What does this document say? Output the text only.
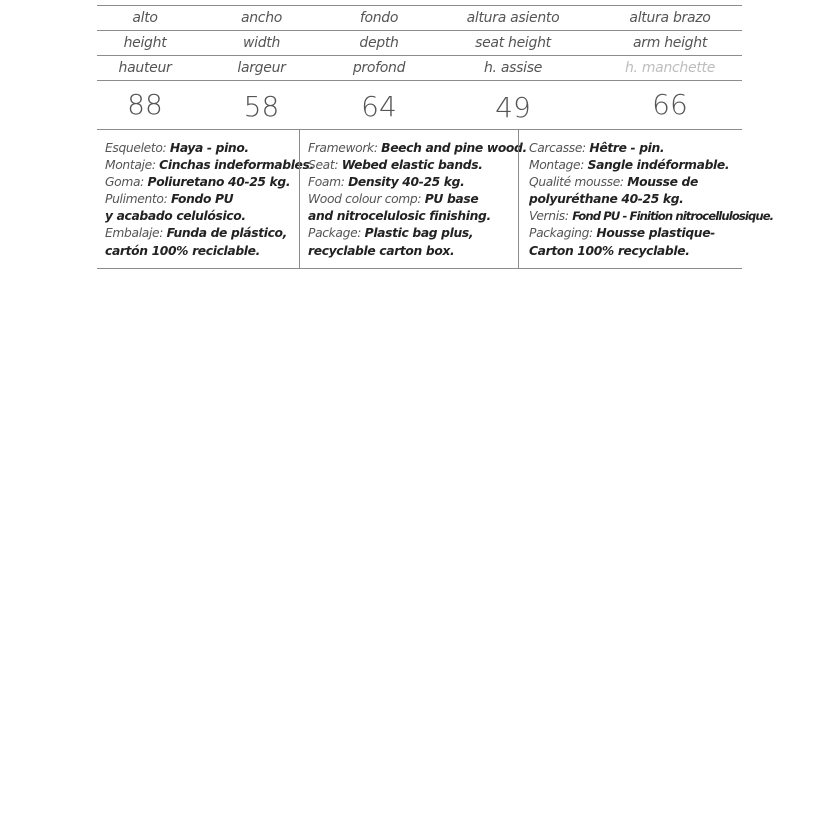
alto	ancho	fondo	altura asiento	altura brazo
height	width	depth	seat height	arm height
hauteur	largeur	profond	h. assise	h. manchette
88	58	64	49	66
Esqueleto: Haya - pino.
Montaje: Cinchas indeformables.
Goma: Poliuretano 40-25 kg.
Pulimento: Fondo PU
y acabado celulósico.
Embalaje: Funda de plástico,
cartón 100% reciclable.
Framework: Beech and pine wood.
Seat: Webed elastic bands.
Foam: Density 40-25 kg.
Wood colour comp: PU base
and nitrocelulosic finishing.
Package: Plastic bag plus,
recyclable carton box.
Carcasse: Hêtre - pin.
Montage: Sangle indéformable.
Qualité mousse: Mousse de
polyuréthane 40-25 kg.
Vernis: Fond PU - Finition nitrocellulosique.
Packaging: Housse plastique-
Carton 100% recyclable.
